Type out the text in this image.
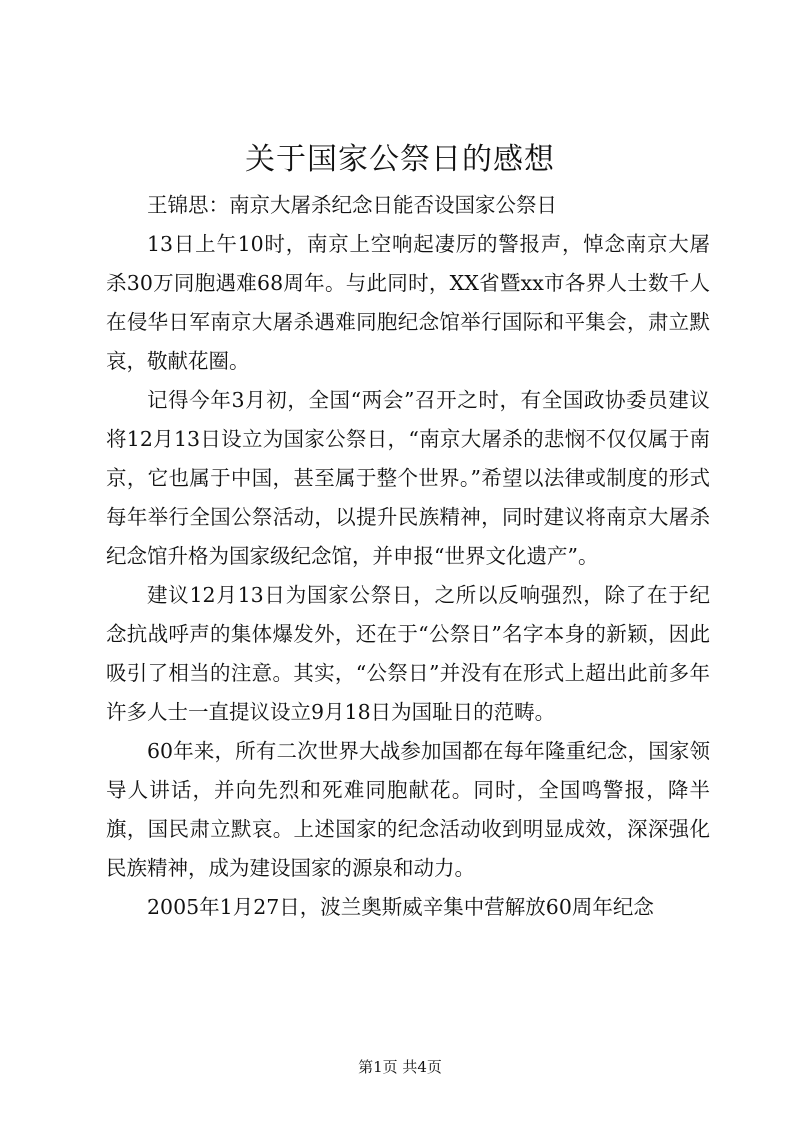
关于国家公祭日的感想

王锦思：南京大屠杀纪念日能否设国家公祭日

13日上午10时，南京上空响起凄厉的警报声，悼念南京大屠杀30万同胞遇难68周年。与此同时，XX省暨xx市各界人士数千人在侵华日军南京大屠杀遇难同胞纪念馆举行国际和平集会，肃立默哀，敬献花圈。

记得今年3月初，全国“两会”召开之时，有全国政协委员建议将12月13日设立为国家公祭日，“南京大屠杀的悲悯不仅仅属于南京，它也属于中国，甚至属于整个世界。”希望以法律或制度的形式每年举行全国公祭活动，以提升民族精神，同时建议将南京大屠杀纪念馆升格为国家级纪念馆，并申报“世界文化遗产”。

建议12月13日为国家公祭日，之所以反响强烈，除了在于纪念抗战呼声的集体爆发外，还在于“公祭日”名字本身的新颖，因此吸引了相当的注意。其实，“公祭日”并没有在形式上超出此前多年许多人士一直提议设立9月18日为国耻日的范畴。

60年来，所有二次世界大战参加国都在每年隆重纪念，国家领导人讲话，并向先烈和死难同胞献花。同时，全国鸣警报，降半旗，国民肃立默哀。上述国家的纪念活动收到明显成效，深深强化民族精神，成为建设国家的源泉和动力。

2005年1月27日，波兰奥斯威辛集中营解放60周年纪念

第1页 共4页
